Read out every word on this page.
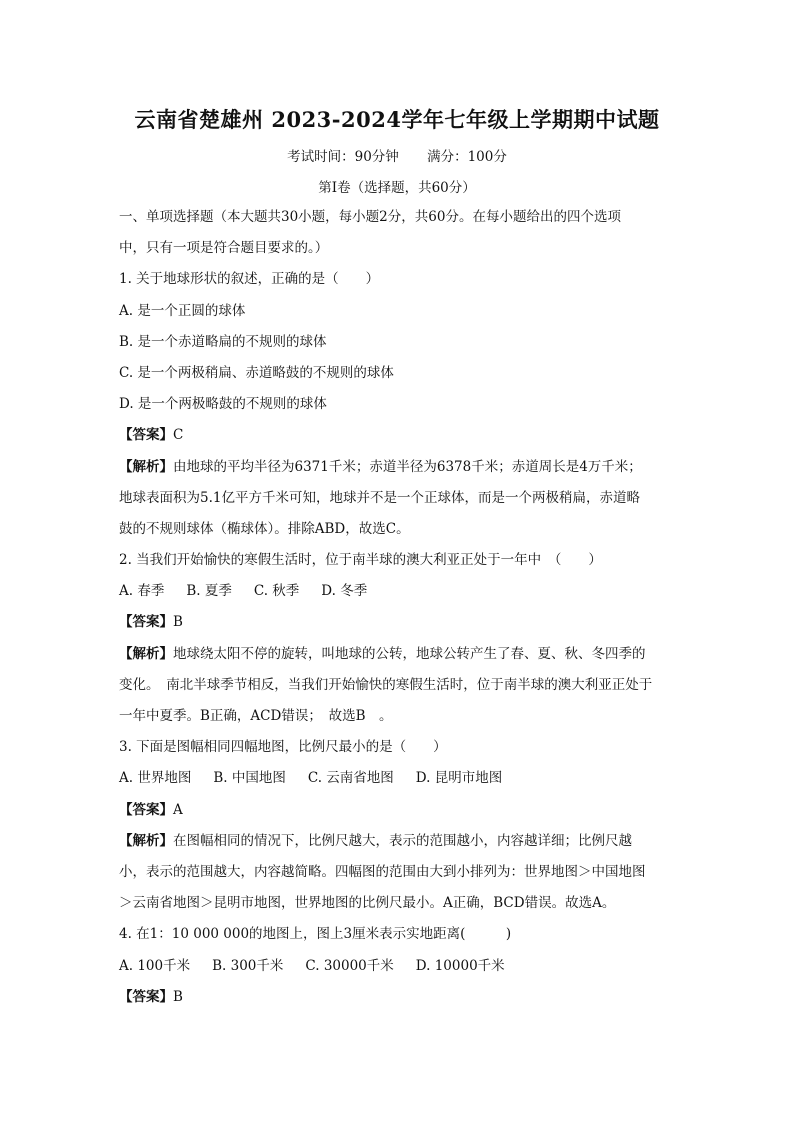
云南省楚雄州 2023-2024学年七年级上学期期中试题
考试时间：90分钟 满分：100分
第Ⅰ卷（选择题，共60分）
一、单项选择题（本大题共30小题，每小题2分，共60分。在每小题给出的四个选项
中，只有一项是符合题目要求的。）
1. 关于地球形状的叙述，正确的是（　　）
A. 是一个正圆的球体
B. 是一个赤道略扁的不规则的球体
C. 是一个两极稍扁、赤道略鼓的不规则的球体
D. 是一个两极略鼓的不规则的球体
【答案】C
【解析】由地球的平均半径为6371千米；赤道半径为6378千米；赤道周长是4万千米；
地球表面积为5.1亿平方千米可知，地球并不是一个正球体，而是一个两极稍扁，赤道略
鼓的不规则球体（椭球体）。排除ABD，故选C。
2. 当我们开始愉快的寒假生活时，位于南半球的澳大利亚正处于一年中　（　　）
A. 春季 B. 夏季 C. 秋季 D. 冬季
【答案】B
【解析】地球绕太阳不停的旋转，叫地球的公转，地球公转产生了春、夏、秋、冬四季的
变化。　南北半球季节相反，当我们开始愉快的寒假生活时，位于南半球的澳大利亚正处于
一年中夏季。B正确，ACD错误；　故选B　。
3. 下面是图幅相同四幅地图，比例尺最小的是（　　）
A. 世界地图 B. 中国地图 C. 云南省地图 D. 昆明市地图
【答案】A
【解析】在图幅相同的情况下，比例尺越大，表示的范围越小，内容越详细；比例尺越
小，表示的范围越大，内容越简略。四幅图的范围由大到小排列为：世界地图＞中国地图
＞云南省地图＞昆明市地图，世界地图的比例尺最小。A正确，BCD错误。故选A。
4. 在1：10 000 000的地图上，图上3厘米表示实地距离(　　　)
A. 100千米 B. 300千米 C. 30000千米 D. 10000千米
【答案】B
